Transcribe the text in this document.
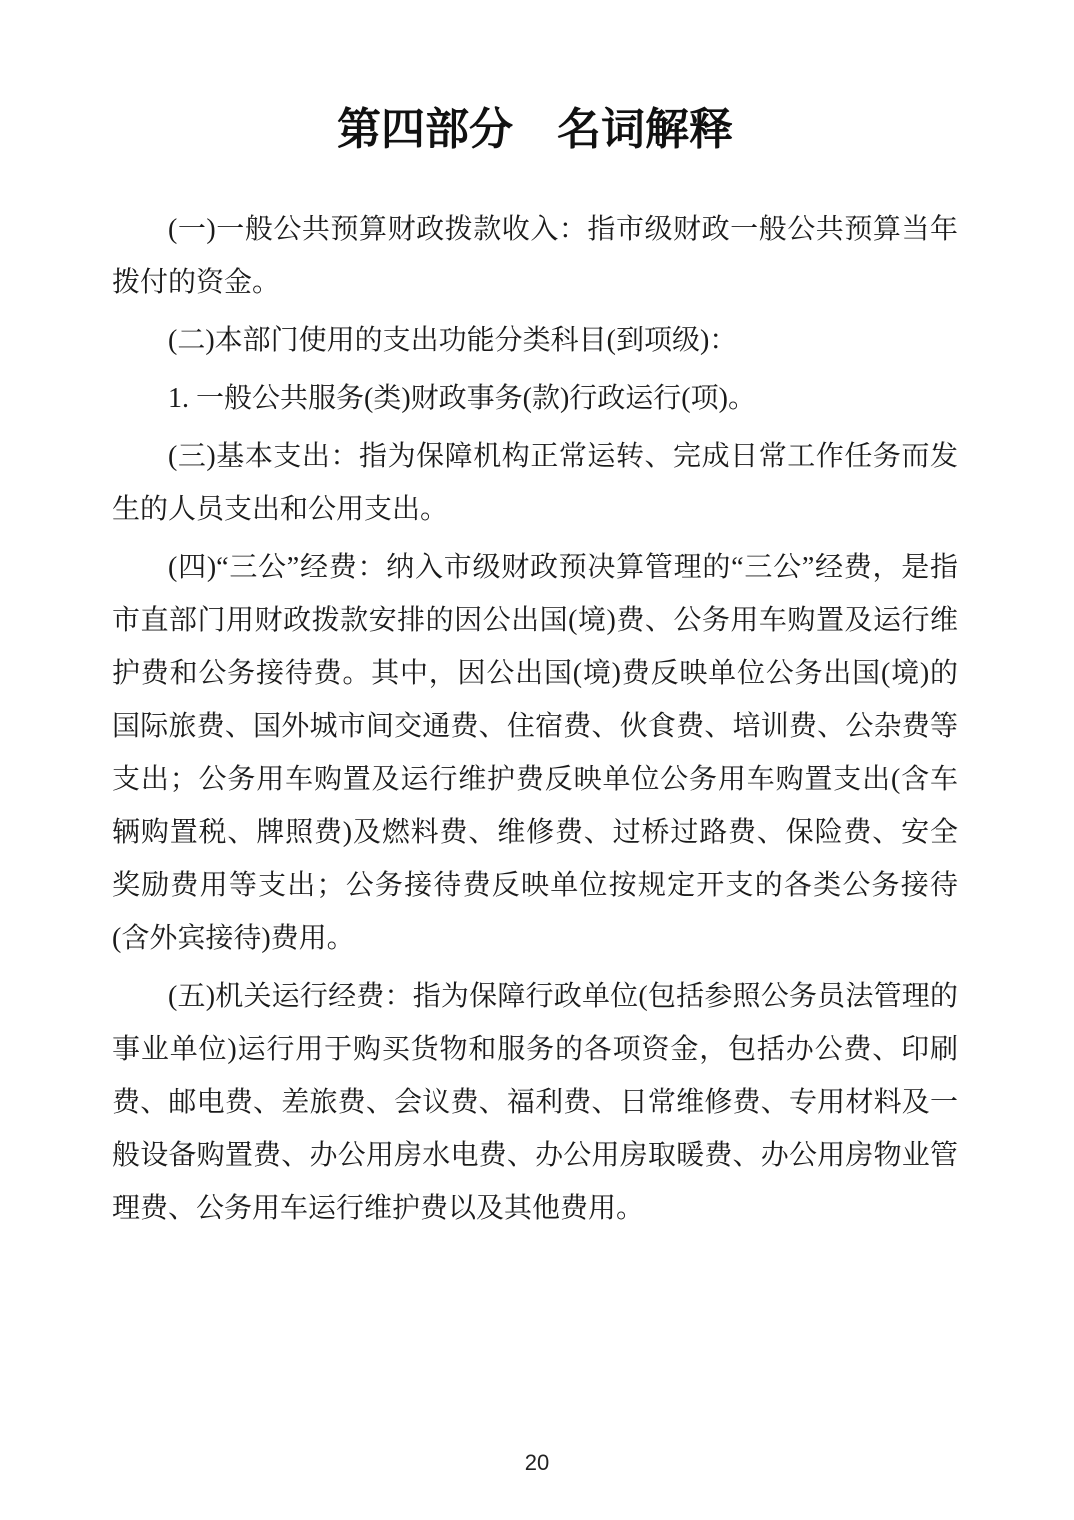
第四部分　名词解释

(一)一般公共预算财政拨款收入：指市级财政一般公共预算当年拨付的资金。

(二)本部门使用的支出功能分类科目(到项级)：

1. 一般公共服务(类)财政事务(款)行政运行(项)。

(三)基本支出：指为保障机构正常运转、完成日常工作任务而发生的人员支出和公用支出。

(四)“三公”经费：纳入市级财政预决算管理的“三公”经费，是指市直部门用财政拨款安排的因公出国(境)费、公务用车购置及运行维护费和公务接待费。其中，因公出国(境)费反映单位公务出国(境)的国际旅费、国外城市间交通费、住宿费、伙食费、培训费、公杂费等支出；公务用车购置及运行维护费反映单位公务用车购置支出(含车辆购置税、牌照费)及燃料费、维修费、过桥过路费、保险费、安全奖励费用等支出；公务接待费反映单位按规定开支的各类公务接待(含外宾接待)费用。

(五)机关运行经费：指为保障行政单位(包括参照公务员法管理的事业单位)运行用于购买货物和服务的各项资金，包括办公费、印刷费、邮电费、差旅费、会议费、福利费、日常维修费、专用材料及一般设备购置费、办公用房水电费、办公用房取暖费、办公用房物业管理费、公务用车运行维护费以及其他费用。

20
